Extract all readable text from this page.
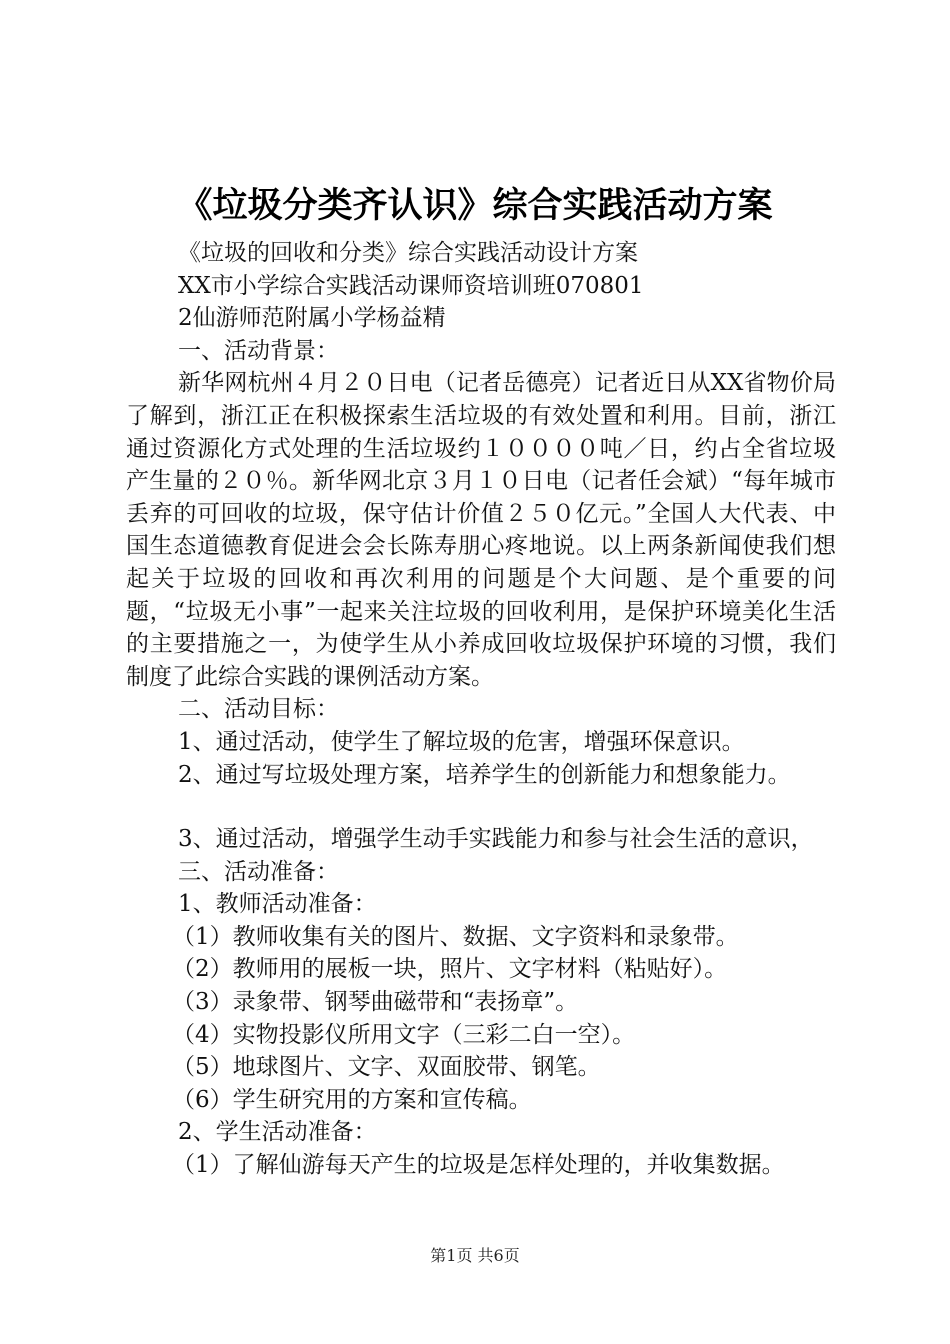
《垃圾分类齐认识》综合实践活动方案
《垃圾的回收和分类》综合实践活动设计方案
XX市小学综合实践活动课师资培训班070801
2仙游师范附属小学杨益精
一、活动背景：
新华网杭州４月２０日电（记者岳德亮）记者近日从XX省物价局了解到，浙江正在积极探索生活垃圾的有效处置和利用。目前，浙江通过资源化方式处理的生活垃圾约１００００吨／日，约占全省垃圾产生量的２０％。新华网北京３月１０日电（记者任会斌）“每年城市丢弃的可回收的垃圾，保守估计价值２５０亿元。”全国人大代表、中国生态道德教育促进会会长陈寿朋心疼地说。以上两条新闻使我们想起关于垃圾的回收和再次利用的问题是个大问题、是个重要的问题，“垃圾无小事”一起来关注垃圾的回收利用，是保护环境美化生活的主要措施之一，为使学生从小养成回收垃圾保护环境的习惯，我们制度了此综合实践的课例活动方案。
二、活动目标：
1、通过活动，使学生了解垃圾的危害，增强环保意识。
2、通过写垃圾处理方案，培养学生的创新能力和想象能力。
3、通过活动，增强学生动手实践能力和参与社会生活的意识，
三、活动准备：
1、教师活动准备：
（1）教师收集有关的图片、数据、文字资料和录象带。
（2）教师用的展板一块，照片、文字材料（粘贴好）。
（3）录象带、钢琴曲磁带和“表扬章”。
（4）实物投影仪所用文字（三彩二白一空）。
（5）地球图片、文字、双面胶带、钢笔。
（6）学生研究用的方案和宣传稿。
2、学生活动准备：
（1）了解仙游每天产生的垃圾是怎样处理的，并收集数据。
第1页 共6页
